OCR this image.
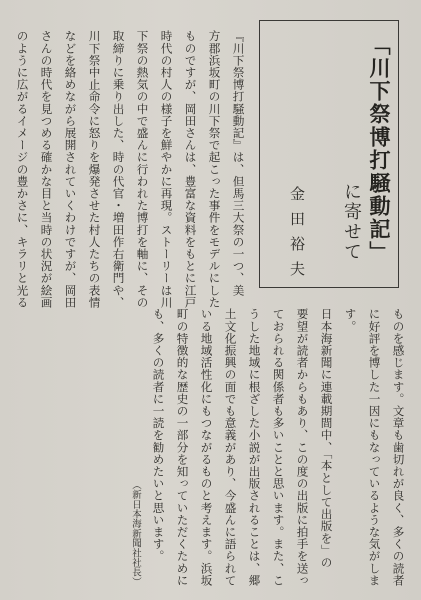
「川下祭博打騒動記」
に寄せて
金田裕夫
『川下祭博打騒動記』は、但馬三大祭の一つ、美
方郡浜坂町の川下祭で起こった事件をモデルにした
ものですが、岡田さんは、豊富な資料をもとに江戸
時代の村人の様子を鮮やかに再現。ストーリーは川
下祭の熱気の中で盛んに行われた博打を軸に、その
取締りに乗り出した、時の代官・増田作右衛門や、
川下祭中止命令に怒りを爆発させた村人たちの表情
などを絡めながら展開されていくわけですが、岡田
さんの時代を見つめる確かな目と当時の状況が絵画
のように広がるイメージの豊かさに、キラリと光る
ものを感じます。文章も歯切れが良く、多くの読者
に好評を博した一因にもなっているような気がしま
す。
日本海新聞に連載期間中、「本として出版を」の
要望が読者からもあり、この度の出版に拍手を送っ
ておられる関係者も多いことと思います。また、こ
うした地域に根ざした小説が出版されることは、郷
土文化振興の面でも意義があり、今盛んに語られて
いる地域活性化にもつながるものと考えます。浜坂
町の特徴的な歴史の一部分を知っていただくために
も、多くの読者に一読を勧めたいと思います。
（新日本海新聞社社長）
